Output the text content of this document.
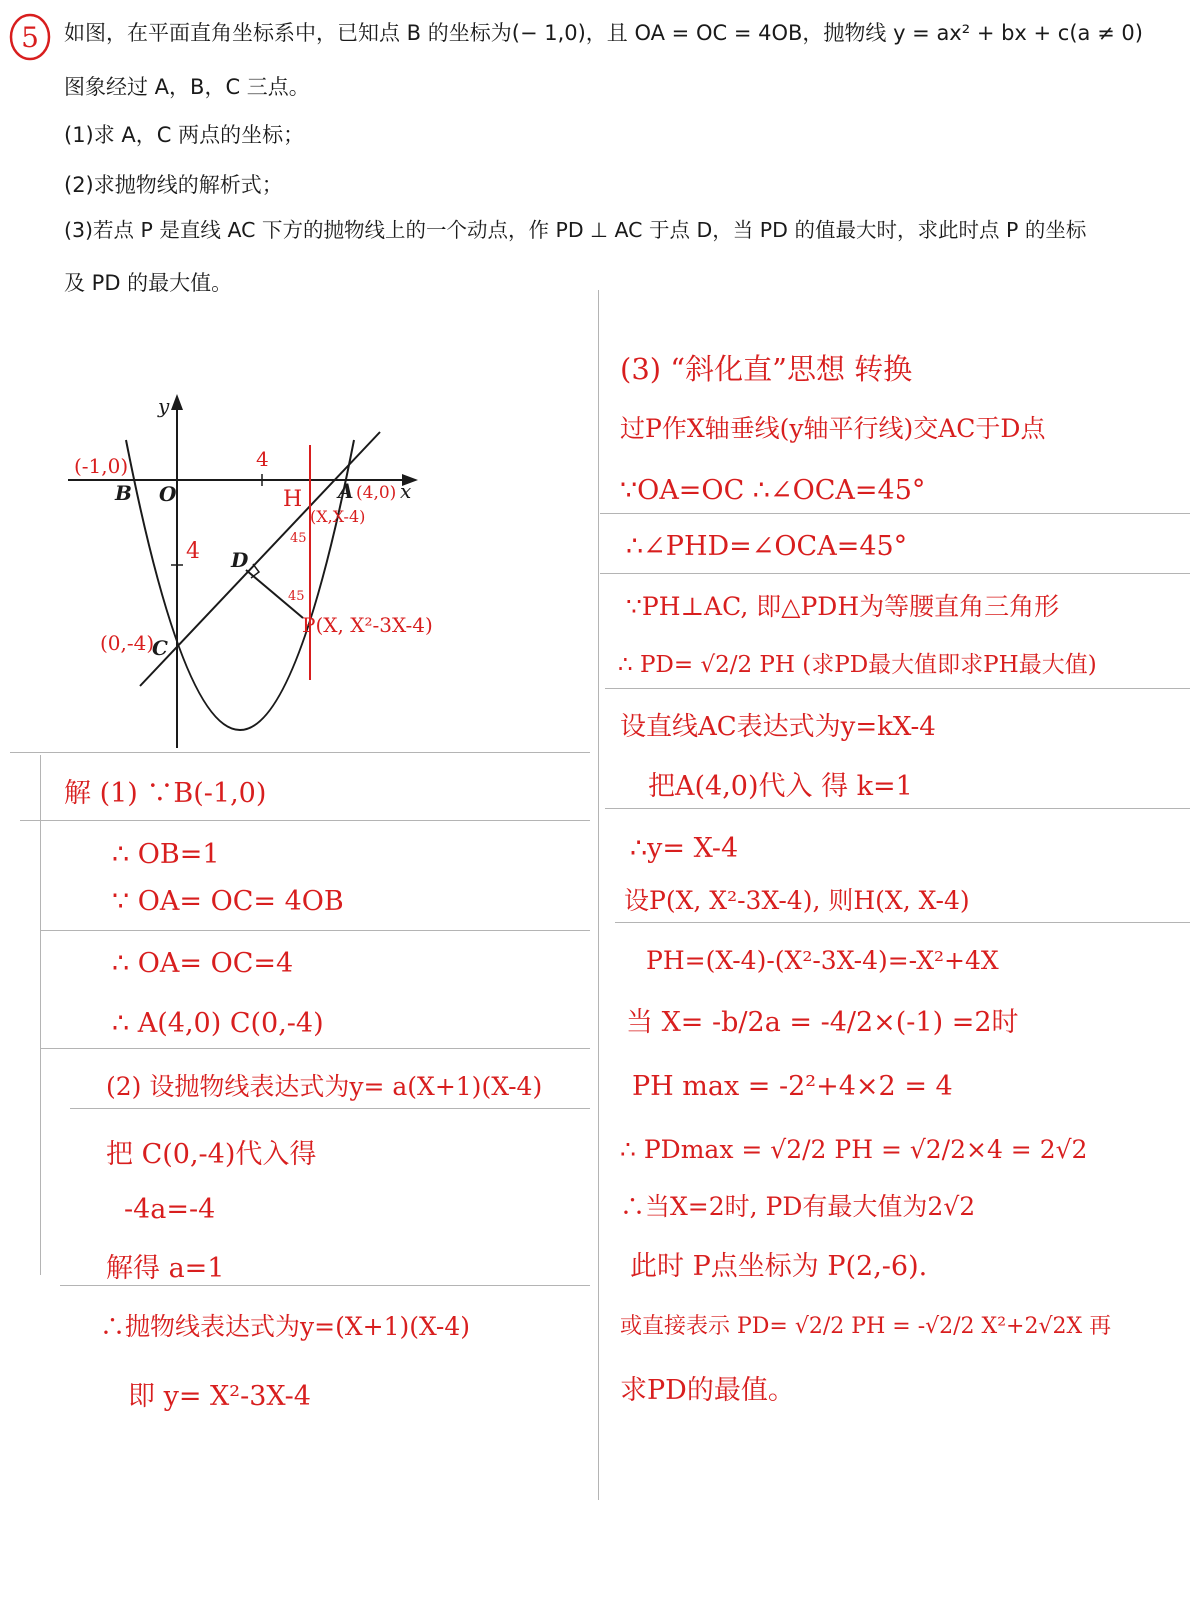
5 如图，在平面直角坐标系中，已知点 B 的坐标为(− 1,0)，且 OA = OC = 4OB，抛物线 y = ax² + bx + c(a ≠ 0)
图象经过 A，B，C 三点。
(1)求 A，C 两点的坐标；
(2)求抛物线的解析式；
(3)若点 P 是直线 AC 下方的抛物线上的一个动点，作 PD ⊥ AC 于点 D，当 PD 的值最大时，求此时点 P 的坐标
及 PD 的最大值。
y
x
B O	A
C
D
(-1,0)
(4,0)
(0,-4)
4
4
H
(X,X-4)
45
45
P(X, X²-3X-4)
解 (1) ∵B(-1,0)
∴ OB=1
∵ OA= OC= 4OB
∴ OA= OC=4
∴ A(4,0) C(0,-4)
(2) 设抛物线表达式为y= a(X+1)(X-4)
把 C(0,-4)代入得
-4a=-4
解得 a=1
∴抛物线表达式为y=(X+1)(X-4)
即 y= X²-3X-4
(3) “斜化直”思想 转换
过P作X轴垂线(y轴平行线)交AC于D点
∵OA=OC ∴∠OCA=45°
∴∠PHD=∠OCA=45°
∵PH⊥AC, 即△PDH为等腰直角三角形
∴ PD= √2/2 PH (求PD最大值即求PH最大值)
设直线AC表达式为y=kX-4
把A(4,0)代入 得 k=1
∴y= X-4
设P(X, X²-3X-4), 则H(X, X-4)
PH=(X-4)-(X²-3X-4)=-X²+4X
当 X= -b/2a = -4/2×(-1) =2时
PH max = -2²+4×2 = 4
∴ PDmax = √2/2 PH = √2/2×4 = 2√2
∴当X=2时, PD有最大值为2√2
此时 P点坐标为 P(2,-6).
或直接表示 PD= √2/2 PH = -√2/2 X²+2√2X 再
求PD的最值。
